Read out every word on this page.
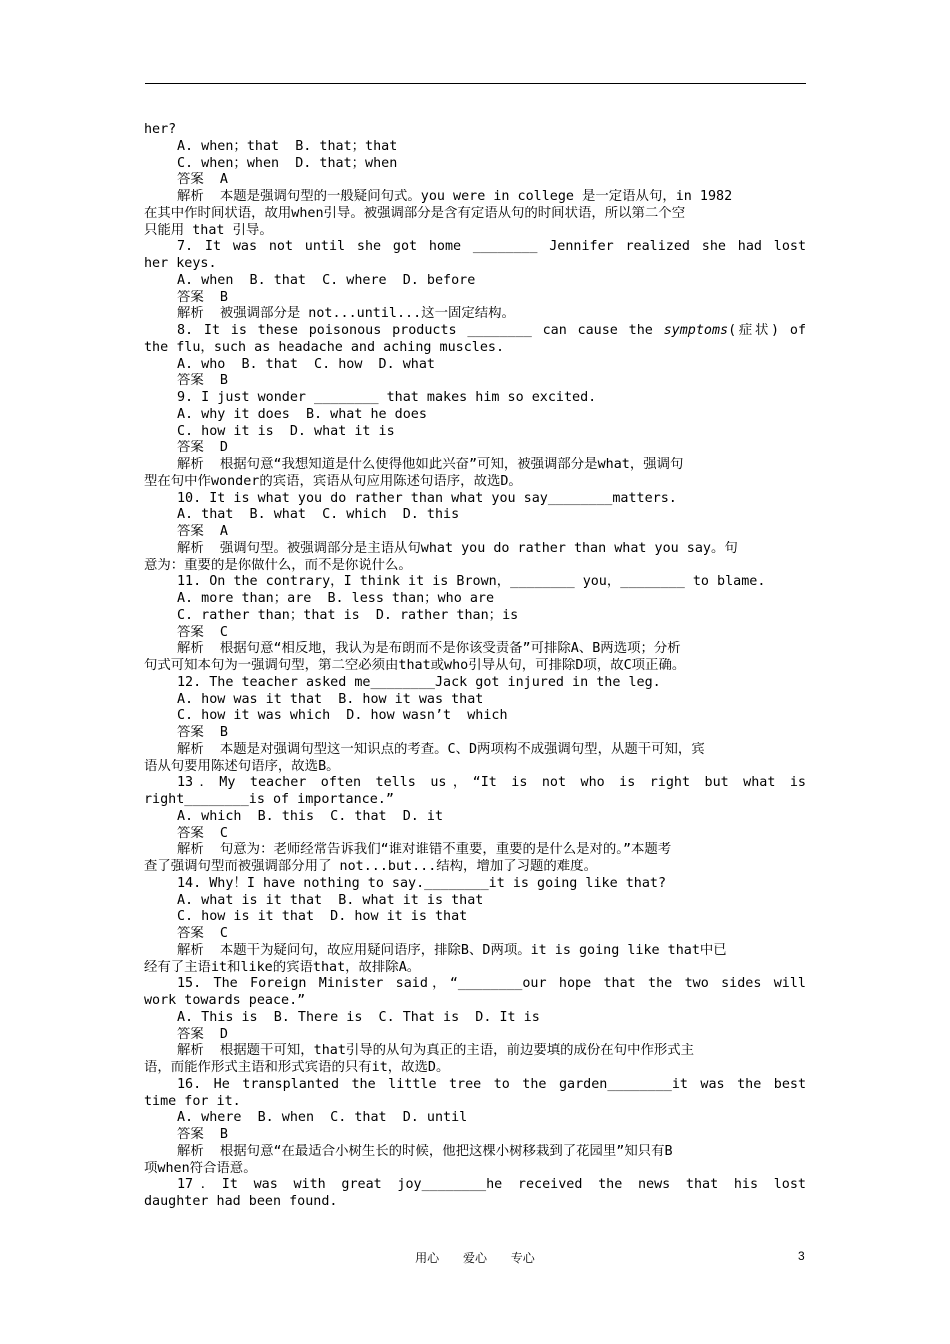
her?
A. when；that  B. that；that
C. when；when  D. that；when
答案  A
解析  本题是强调句型的一般疑问句式。you were in college 是一定语从句，in 1982
在其中作时间状语，故用when引导。被强调部分是含有定语从句的时间状语，所以第二个空
只能用 that 引导。
7. It was not until she got home ________ Jennifer realized she had lost
her keys.
A. when  B. that  C. where  D. before
答案  B
解析  被强调部分是 not...until...这一固定结构。
8. It is these poisonous products ________ can cause the symptoms(症状) of
the flu，such as headache and aching muscles.
A. who  B. that  C. how  D. what
答案  B
9. I just wonder ________ that makes him so excited.
A. why it does  B. what he does
C. how it is  D. what it is
答案  D
解析  根据句意“我想知道是什么使得他如此兴奋”可知，被强调部分是what，强调句
型在句中作wonder的宾语，宾语从句应用陈述句语序，故选D。
10. It is what you do rather than what you say________matters.
A. that  B. what  C. which  D. this
答案  A
解析  强调句型。被强调部分是主语从句what you do rather than what you say。句
意为：重要的是你做什么，而不是你说什么。
11. On the contrary，I think it is Brown，________ you，________ to blame.
A. more than；are  B. less than；who are
C. rather than；that is  D. rather than；is
答案  C
解析  根据句意“相反地，我认为是布朗而不是你该受责备”可排除A、B两选项；分析
句式可知本句为一强调句型，第二空必须由that或who引导从句，可排除D项，故C项正确。
12. The teacher asked me________Jack got injured in the leg.
A. how was it that  B. how it was that
C. how it was which  D. how wasn’t  which
答案  B
解析  本题是对强调句型这一知识点的考查。C、D两项构不成强调句型，从题干可知，宾
语从句要用陈述句语序，故选B。
13．My teacher often tells us，“It is not who is right but what is
right________is of importance.”
A. which  B. this  C. that  D. it
答案  C
解析  句意为：老师经常告诉我们“谁对谁错不重要，重要的是什么是对的。”本题考
查了强调句型而被强调部分用了 not...but...结构，增加了习题的难度。
14. Why！I have nothing to say.________it is going like that?
A. what is it that  B. what it is that
C. how is it that  D. how it is that
答案  C
解析  本题干为疑问句，故应用疑问语序，排除B、D两项。it is going like that中已
经有了主语it和like的宾语that，故排除A。
15. The Foreign Minister said，“________our hope that the two sides will
work towards peace.”
A. This is  B. There is  C. That is  D. It is
答案  D
解析  根据题干可知，that引导的从句为真正的主语，前边要填的成份在句中作形式主
语，而能作形式主语和形式宾语的只有it，故选D。
16. He transplanted the little tree to the garden________it was the best
time for it.
A. where  B. when  C. that  D. until
答案  B
解析  根据句意“在最适合小树生长的时候，他把这棵小树移栽到了花园里”知只有B
项when符合语意。
17．It was with great joy________he received the news that his lost
daughter had been found.
用心 爱心 专心	3
